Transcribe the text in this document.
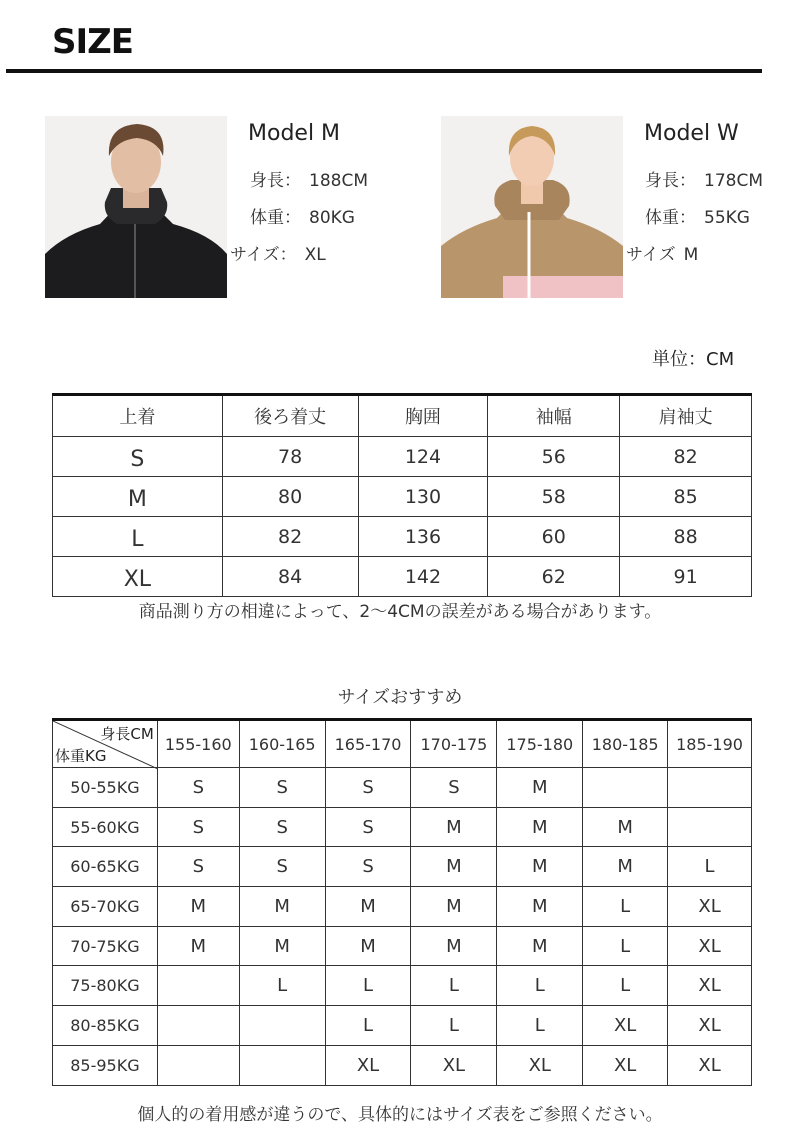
SIZE
Model M
身長： 188CM
体重： 80KG
サイズ： XL
Model W
身長： 178CM
体重： 55KG
サイズ M
単位：CM
上着	後ろ着丈	胸囲	袖幅	肩袖丈
S	78	124	56	82
M	80	130	58	85
L	82	136	60	88
XL	84	142	62	91
商品測り方の相違によって、2〜4CMの誤差がある場合があります。
サイズおすすめ
身長CM
体重KG	155-160	160-165	165-170	170-175	175-180	180-185	185-190
50-55KG	S	S	S	S	M		
55-60KG	S	S	S	M	M	M	
60-65KG	S	S	S	M	M	M	L
65-70KG	M	M	M	M	M	L	XL
70-75KG	M	M	M	M	M	L	XL
75-80KG		L	L	L	L	L	XL
80-85KG			L	L	L	XL	XL
85-95KG			XL	XL	XL	XL	XL
個人的の着用感が違うので、具体的にはサイズ表をご参照ください。
